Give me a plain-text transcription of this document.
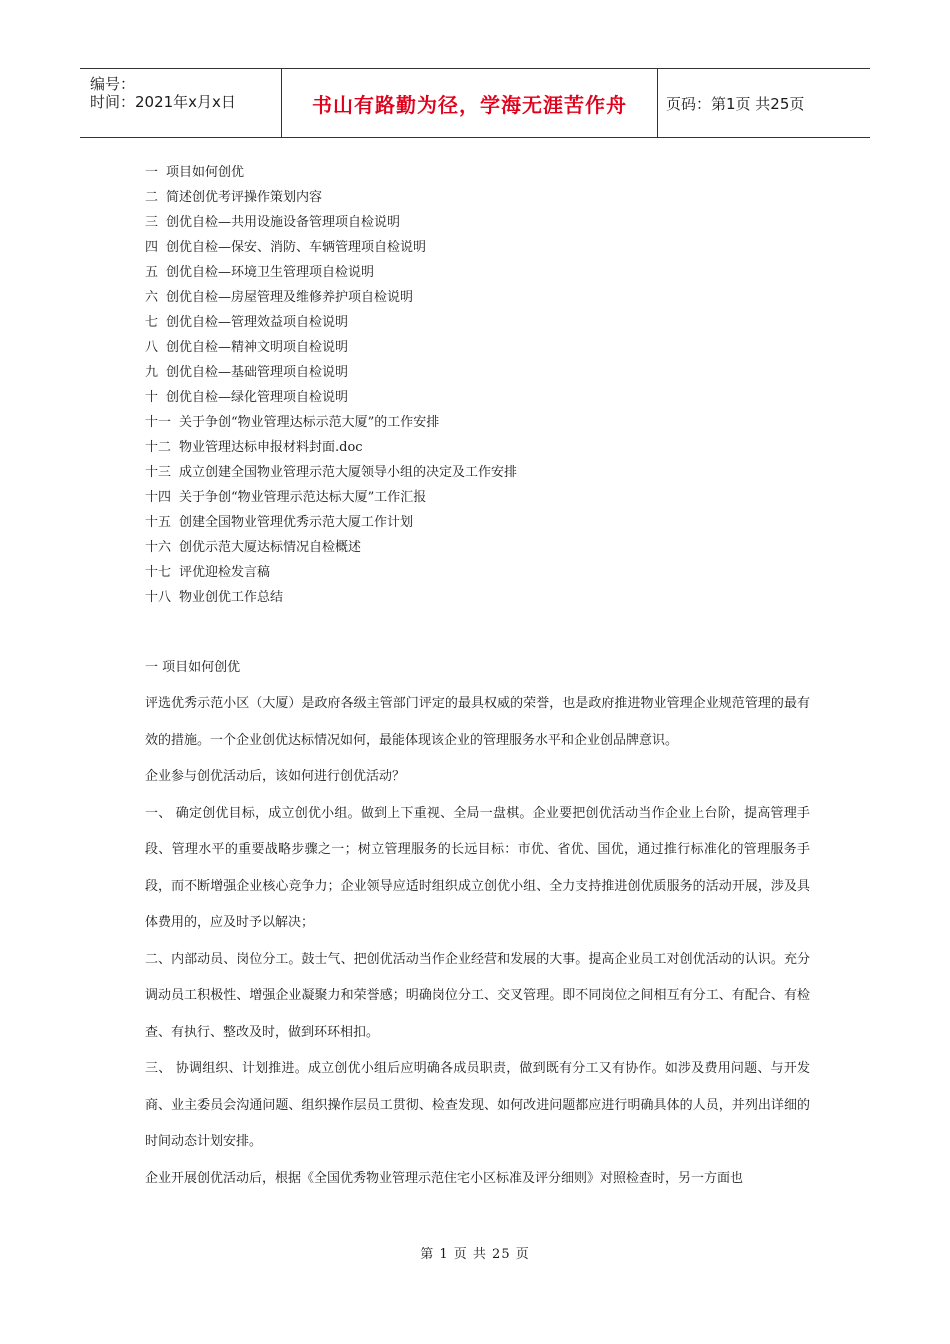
编号：
时间：2021年x月x日	书山有路勤为径，学海无涯苦作舟	页码：第1页 共25页
一 项目如何创优
二 简述创优考评操作策划内容
三 创优自检—共用设施设备管理项自检说明
四 创优自检—保安、消防、车辆管理项自检说明
五 创优自检—环境卫生管理项自检说明
六 创优自检—房屋管理及维修养护项自检说明
七 创优自检—管理效益项自检说明
八 创优自检—精神文明项自检说明
九 创优自检—基础管理项自检说明
十 创优自检—绿化管理项自检说明
十一 关于争创“物业管理达标示范大厦”的工作安排
十二 物业管理达标申报材料封面.doc
十三 成立创建全国物业管理示范大厦领导小组的决定及工作安排
十四 关于争创“物业管理示范达标大厦”工作汇报
十五 创建全国物业管理优秀示范大厦工作计划
十六 创优示范大厦达标情况自检概述
十七 评优迎检发言稿
十八 物业创优工作总结
一 项目如何创优

评选优秀示范小区（大厦）是政府各级主管部门评定的最具权威的荣誉，也是政府推进物业管理企业规范管理的最有效的措施。一个企业创优达标情况如何，最能体现该企业的管理服务水平和企业创品牌意识。

企业参与创优活动后，该如何进行创优活动？

一、 确定创优目标，成立创优小组。做到上下重视、全局一盘棋。企业要把创优活动当作企业上台阶，提高管理手段、管理水平的重要战略步骤之一；树立管理服务的长远目标：市优、省优、国优，通过推行标准化的管理服务手段，而不断增强企业核心竞争力；企业领导应适时组织成立创优小组、全力支持推进创优质服务的活动开展，涉及具体费用的，应及时予以解决；

二、内部动员、岗位分工。鼓士气、把创优活动当作企业经营和发展的大事。提高企业员工对创优活动的认识。充分调动员工积极性、增强企业凝聚力和荣誉感；明确岗位分工、交叉管理。即不同岗位之间相互有分工、有配合、有检查、有执行、整改及时，做到环环相扣。

三、 协调组织、计划推进。成立创优小组后应明确各成员职责，做到既有分工又有协作。如涉及费用问题、与开发商、业主委员会沟通问题、组织操作层员工贯彻、检查发现、如何改进问题都应进行明确具体的人员，并列出详细的时间动态计划安排。

企业开展创优活动后，根据《全国优秀物业管理示范住宅小区标准及评分细则》对照检查时，另一方面也

第 1 页 共 25 页
